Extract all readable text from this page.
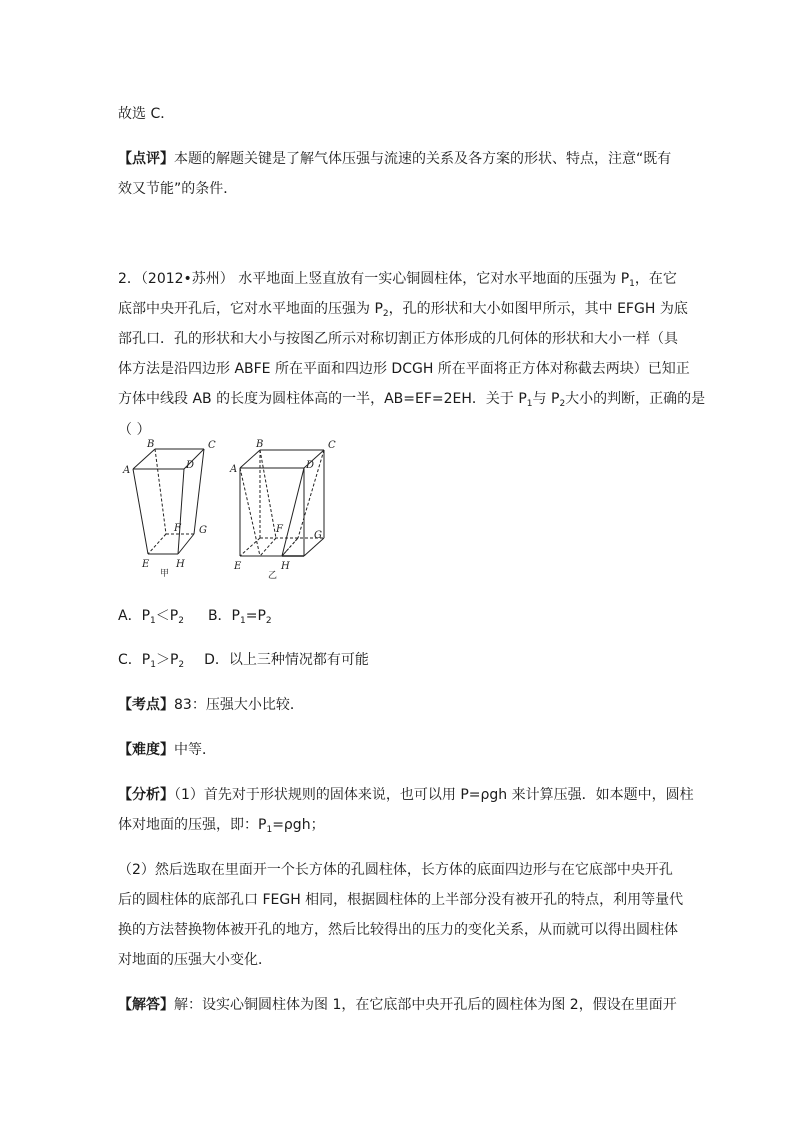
故选 C．
【点评】本题的解题关键是了解气体压强与流速的关系及各方案的形状、特点，注意“既有
效又节能”的条件．
2．（2012•苏州） 水平地面上竖直放有一实心铜圆柱体，它对水平地面的压强为 $P_1$，在它
底部中央开孔后，它对水平地面的压强为 $P_2$，孔的形状和大小如图甲所示，其中 EFGH 为底
部孔口．孔的形状和大小与按图乙所示对称切割正方体形成的几何体的形状和大小一样（具
体方法是沿四边形 ABFE 所在平面和四边形 DCGH 所在平面将正方体对称截去两块）已知正
方体中线段 AB 的长度为圆柱体高的一半，AB=EF=2EH．关于 $P_1$与 $P_2$大小的判断，正确的是
（ ）
A
B	C
D
E
F G
H
A
B	C
D
E
F
G
H
甲	乙
A．$P_1<P_2$ B．$P_1=P_2$
C．$P_1>P_2$ D．以上三种情况都有可能
【考点】83：压强大小比较．
【难度】中等．
【分析】（1）首先对于形状规则的固体来说，也可以用 P=ρgh 来计算压强．如本题中，圆柱
体对地面的压强，即：$P_1=\rho gh$；
（2）然后选取在里面开一个长方体的孔圆柱体，长方体的底面四边形与在它底部中央开孔
后的圆柱体的底部孔口 FEGH 相同，根据圆柱体的上半部分没有被开孔的特点，利用等量代
换的方法替换物体被开孔的地方，然后比较得出的压力的变化关系，从而就可以得出圆柱体
对地面的压强大小变化．
【解答】解：设实心铜圆柱体为图 1，在它底部中央开孔后的圆柱体为图 2，假设在里面开
